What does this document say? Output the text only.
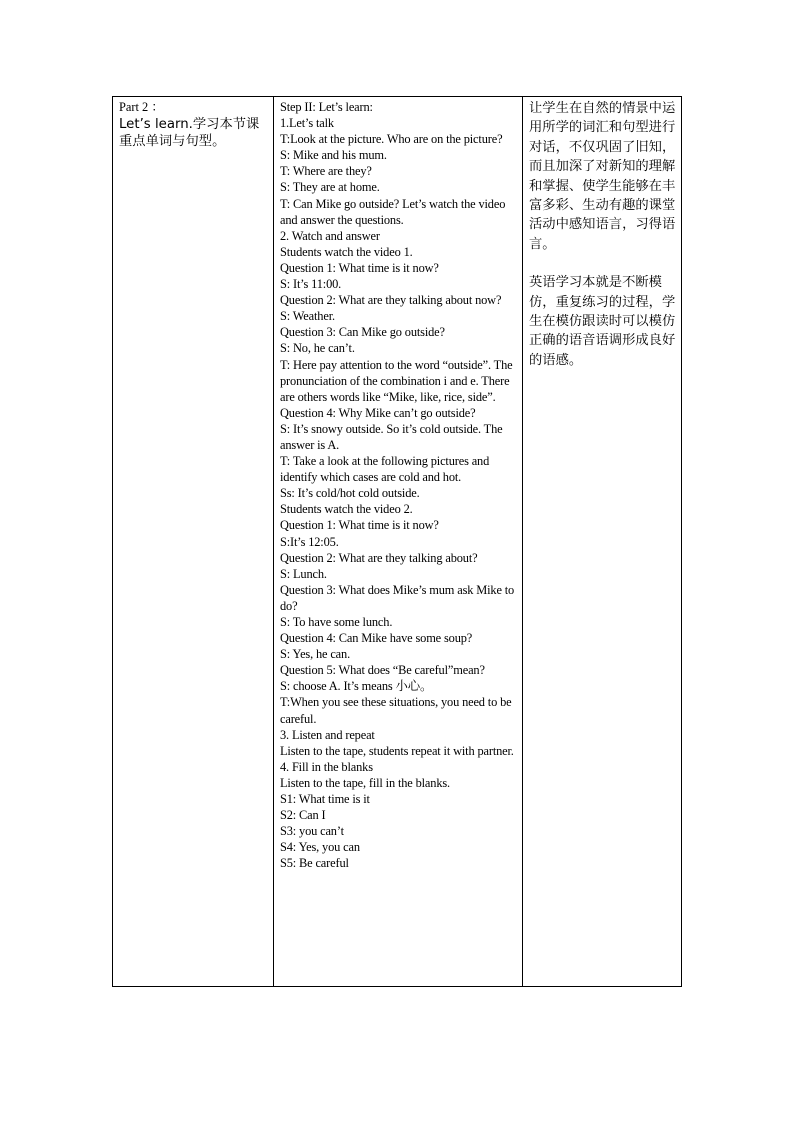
Part 2 ：
Let’s learn.学习本节课重点单词与句型。

Step II: Let’s learn:
1.Let’s talk
T:Look at the picture. Who are on the picture?
S: Mike and his mum.
T: Where are they?
S: They are at home.
T: Can Mike go outside? Let’s watch the video and answer the questions.
2. Watch and answer
Students watch the video 1.
Question 1: What time is it now?
S: It’s 11:00.
Question 2: What are they talking about now?
S: Weather.
Question 3: Can Mike go outside?
S: No, he can’t.
T: Here pay attention to the word “outside”. The pronunciation of the combination i and e. There are others words like “Mike, like, rice, side”.
Question 4: Why Mike can’t go outside?
S: It’s snowy outside. So it’s cold outside. The answer is A.
T: Take a look at the following pictures and identify which cases are cold and hot.
Ss: It’s cold/hot cold outside.
Students watch the video 2.
Question 1: What time is it now?
S:It’s 12:05.
Question 2: What are they talking about?
S: Lunch.
Question 3: What does Mike’s mum ask Mike to do?
S: To have some lunch.
Question 4: Can Mike have some soup?
S: Yes, he can.
Question 5: What does “Be careful”mean?
S: choose A. It’s means 小心。
T:When you see these situations, you need to be careful.
3. Listen and repeat
Listen to the tape, students repeat it with partner.
4. Fill in the blanks
Listen to the tape, fill in the blanks.
S1: What time is it
S2: Can I
S3: you can’t
S4: Yes, you can
S5: Be careful

让学生在自然的情景中运用所学的词汇和句型进行对话，不仅巩固了旧知，而且加深了对新知的理解和掌握、使学生能够在丰富多彩、生动有趣的课堂活动中感知语言，习得语言。

英语学习本就是不断模仿，重复练习的过程，学生在模仿跟读时可以模仿正确的语音语调形成良好的语感。
